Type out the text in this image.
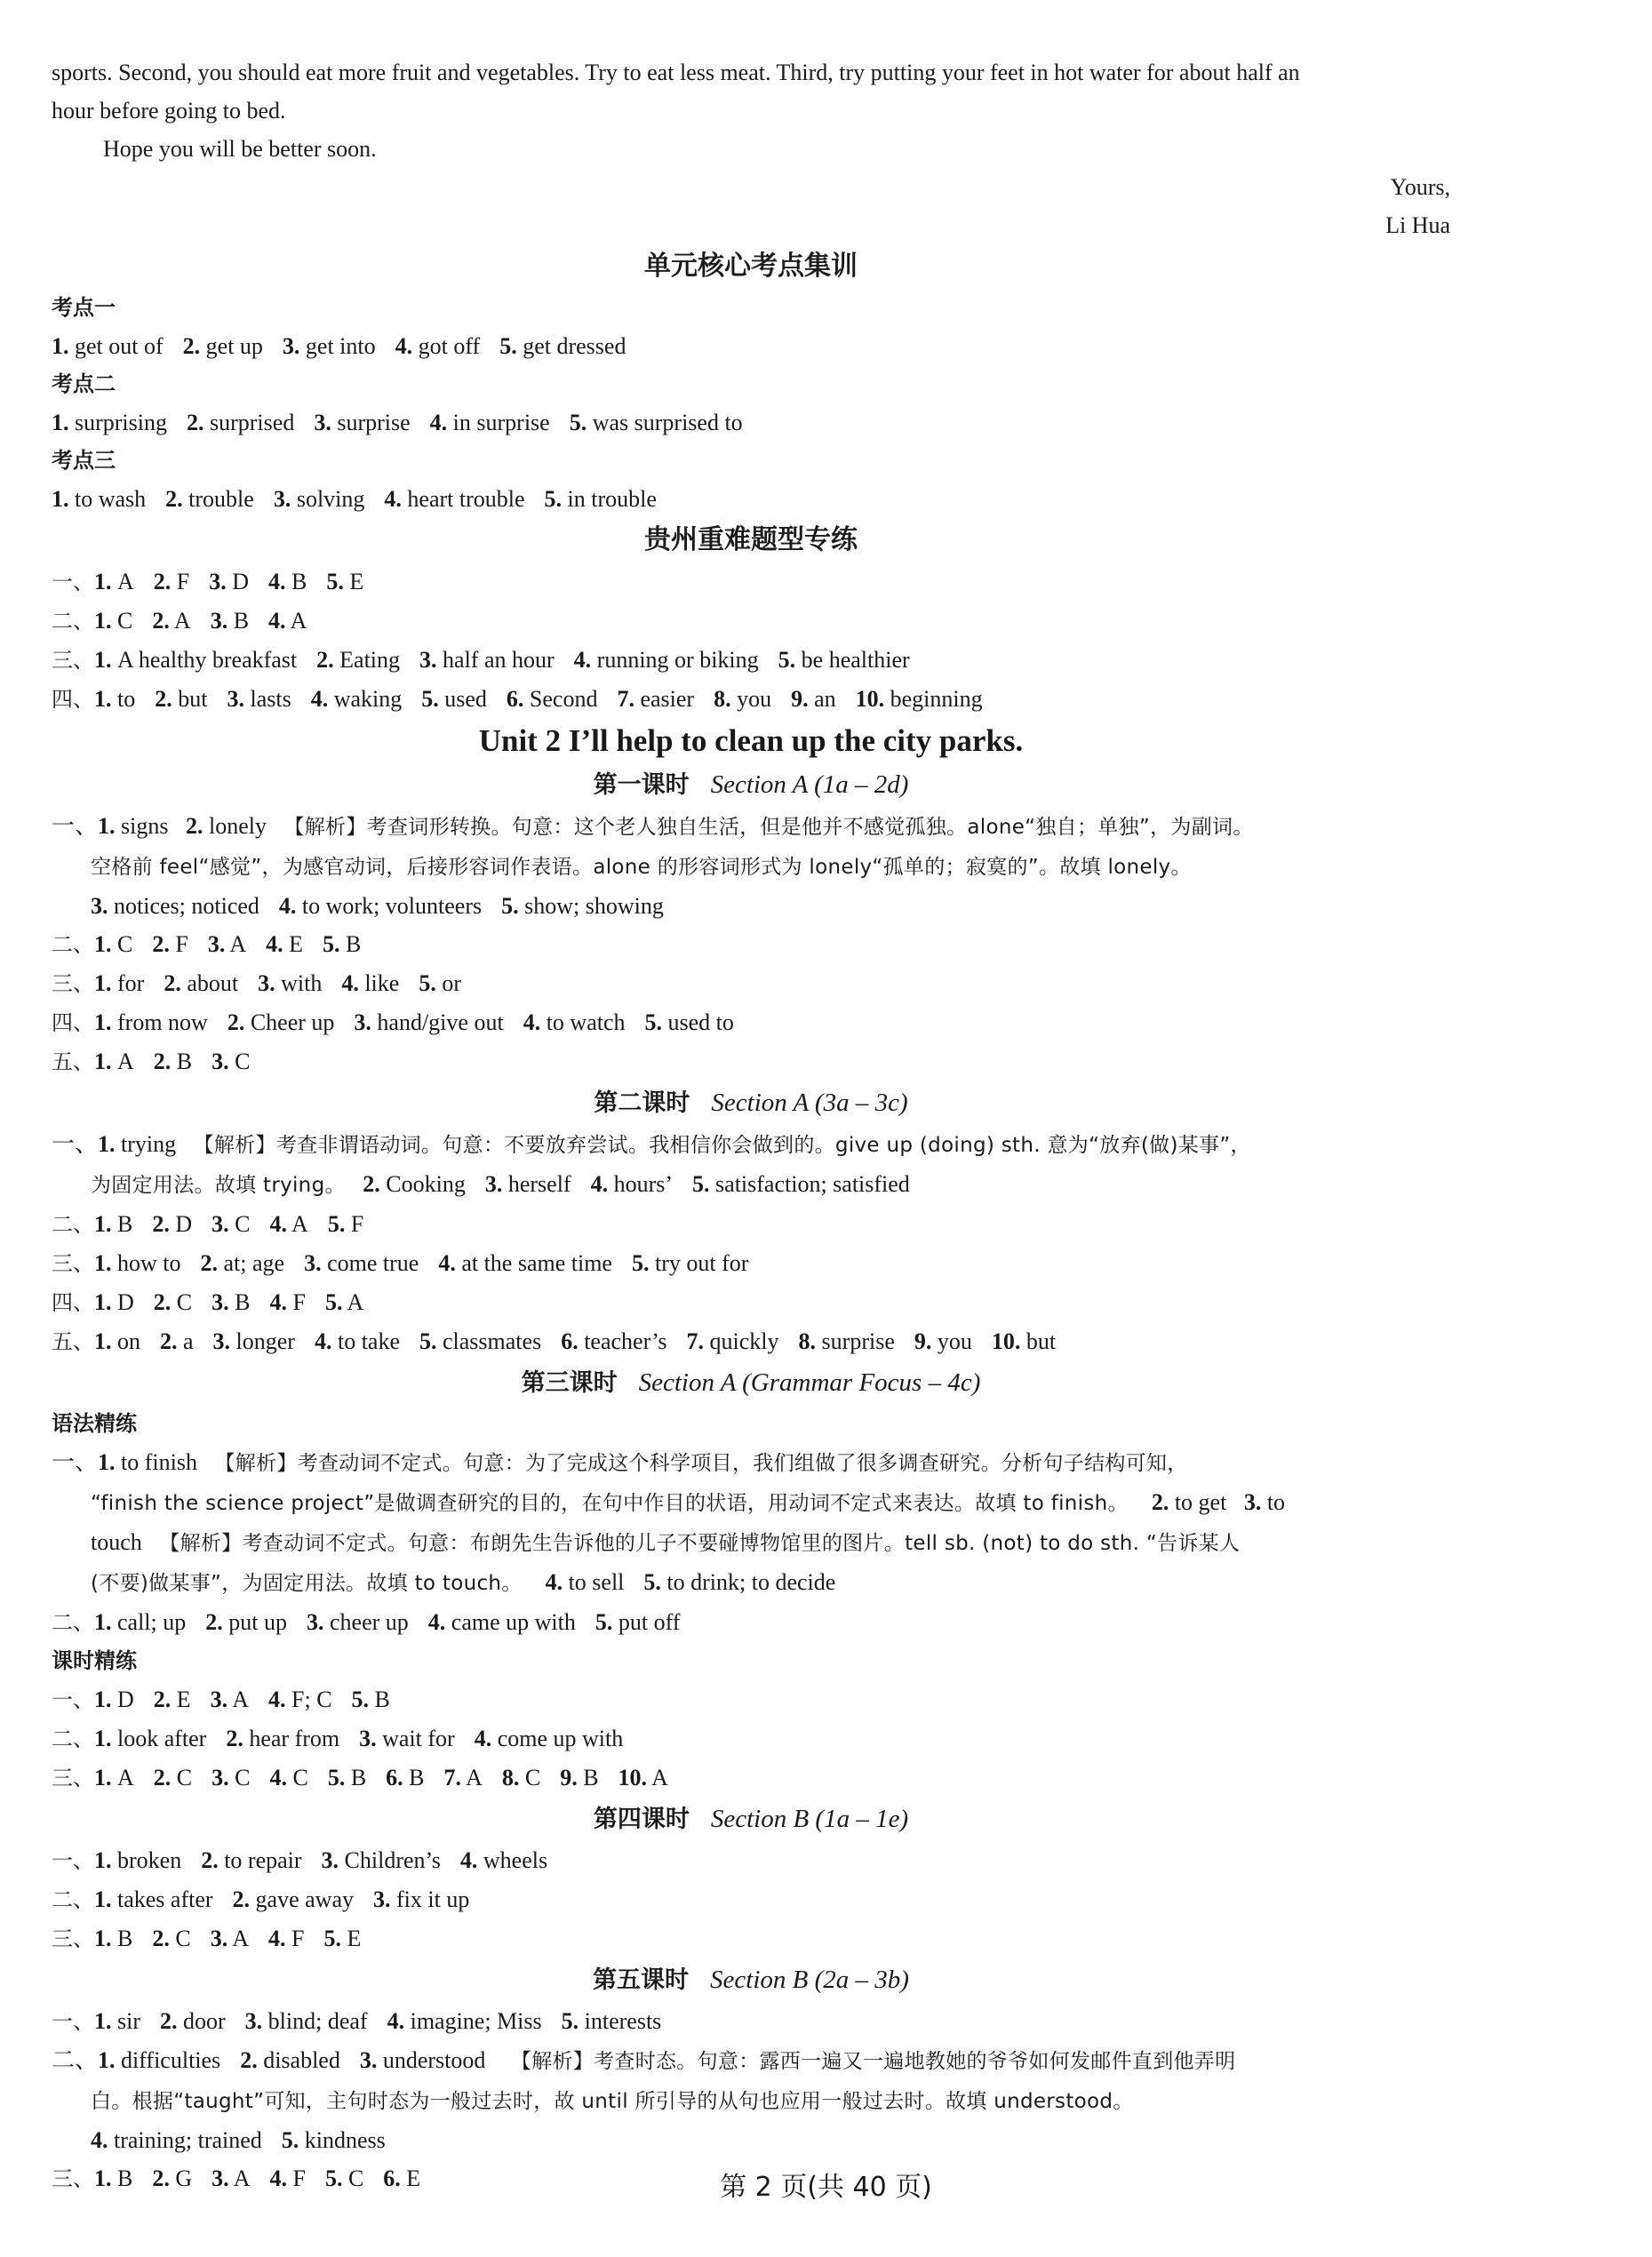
sports. Second, you should eat more fruit and vegetables. Try to eat less meat. Third, try putting your feet in hot water for about half an
hour before going to bed.
Hope you will be better soon.
Yours,
Li Hua
单元核心考点集训
考点一
1. get out of 2. get up 3. get into 4. got off 5. get dressed
考点二
1. surprising 2. surprised 3. surprise 4. in surprise 5. was surprised to
考点三
1. to wash 2. trouble 3. solving 4. heart trouble 5. in trouble
贵州重难题型专练
一、1. A 2. F 3. D 4. B 5. E
二、1. C 2. A 3. B 4. A
三、1. A healthy breakfast 2. Eating 3. half an hour 4. running or biking 5. be healthier
四、1. to 2. but 3. lasts 4. waking 5. used 6. Second 7. easier 8. you 9. an 10. beginning
Unit 2 I’ll help to clean up the city parks.
第一课时 Section A (1a – 2d)
一、1. signs 2. lonely 【解析】考查词形转换。句意：这个老人独自生活，但是他并不感觉孤独。alone“独自；单独”，为副词。
空格前 feel“感觉”，为感官动词，后接形容词作表语。alone 的形容词形式为 lonely“孤单的；寂寞的”。故填 lonely。
3. notices; noticed 4. to work; volunteers 5. show; showing
二、1. C 2. F 3. A 4. E 5. B
三、1. for 2. about 3. with 4. like 5. or
四、1. from now 2. Cheer up 3. hand/give out 4. to watch 5. used to
五、1. A 2. B 3. C
第二课时 Section A (3a – 3c)
一、1. trying 【解析】考查非谓语动词。句意：不要放弃尝试。我相信你会做到的。give up (doing) sth. 意为“放弃(做)某事”，
为固定用法。故填 trying。 2. Cooking 3. herself 4. hours’ 5. satisfaction; satisfied
二、1. B 2. D 3. C 4. A 5. F
三、1. how to 2. at; age 3. come true 4. at the same time 5. try out for
四、1. D 2. C 3. B 4. F 5. A
五、1. on 2. a 3. longer 4. to take 5. classmates 6. teacher’s 7. quickly 8. surprise 9. you 10. but
第三课时 Section A (Grammar Focus – 4c)
语法精练
一、1. to finish 【解析】考查动词不定式。句意：为了完成这个科学项目，我们组做了很多调查研究。分析句子结构可知，
“finish the science project”是做调查研究的目的，在句中作目的状语，用动词不定式来表达。故填 to finish。 2. to get 3. to
touch 【解析】考查动词不定式。句意：布朗先生告诉他的儿子不要碰博物馆里的图片。tell sb. (not) to do sth. “告诉某人
(不要)做某事”，为固定用法。故填 to touch。 4. to sell 5. to drink; to decide
二、1. call; up 2. put up 3. cheer up 4. came up with 5. put off
课时精练
一、1. D 2. E 3. A 4. F; C 5. B
二、1. look after 2. hear from 3. wait for 4. come up with
三、1. A 2. C 3. C 4. C 5. B 6. B 7. A 8. C 9. B 10. A
第四课时 Section B (1a – 1e)
一、1. broken 2. to repair 3. Children’s 4. wheels
二、1. takes after 2. gave away 3. fix it up
三、1. B 2. C 3. A 4. F 5. E
第五课时 Section B (2a – 3b)
一、1. sir 2. door 3. blind; deaf 4. imagine; Miss 5. interests
二、1. difficulties 2. disabled 3. understood 【解析】考查时态。句意：露西一遍又一遍地教她的爷爷如何发邮件直到他弄明
白。根据“taught”可知，主句时态为一般过去时，故 until 所引导的从句也应用一般过去时。故填 understood。
4. training; trained 5. kindness
三、1. B 2. G 3. A 4. F 5. C 6. E	第 2 页(共 40 页)
